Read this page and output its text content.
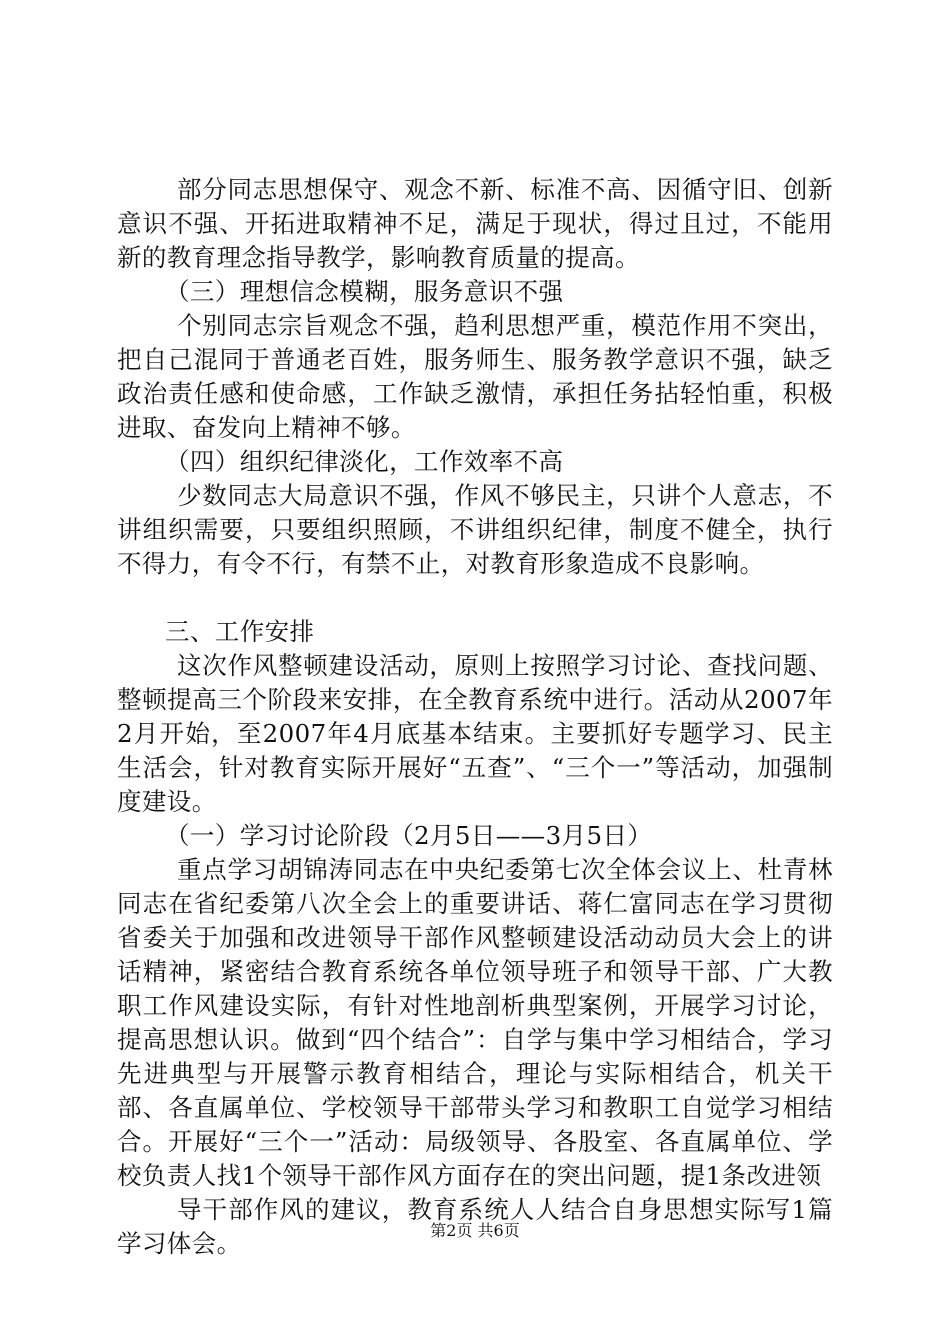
部分同志思想保守、观念不新、标准不高、因循守旧、创新意识不强、开拓进取精神不足，满足于现状，得过且过，不能用新的教育理念指导教学，影响教育质量的提高。

（三）理想信念模糊，服务意识不强

个别同志宗旨观念不强，趋利思想严重，模范作用不突出，把自己混同于普通老百姓，服务师生、服务教学意识不强，缺乏政治责任感和使命感，工作缺乏激情，承担任务拈轻怕重，积极进取、奋发向上精神不够。

（四）组织纪律淡化，工作效率不高

少数同志大局意识不强，作风不够民主，只讲个人意志，不讲组织需要，只要组织照顾，不讲组织纪律，制度不健全，执行不得力，有令不行，有禁不止，对教育形象造成不良影响。

三、工作安排

这次作风整顿建设活动，原则上按照学习讨论、查找问题、整顿提高三个阶段来安排，在全教育系统中进行。活动从2007年2月开始，至2007年4月底基本结束。主要抓好专题学习、民主生活会，针对教育实际开展好“五查”、“三个一”等活动，加强制度建设。

（一）学习讨论阶段（2月5日——3月5日）

重点学习胡锦涛同志在中央纪委第七次全体会议上、杜青林同志在省纪委第八次全会上的重要讲话、蒋仁富同志在学习贯彻省委关于加强和改进领导干部作风整顿建设活动动员大会上的讲话精神，紧密结合教育系统各单位领导班子和领导干部、广大教职工作风建设实际，有针对性地剖析典型案例，开展学习讨论，提高思想认识。做到“四个结合”：自学与集中学习相结合，学习先进典型与开展警示教育相结合，理论与实际相结合，机关干部、各直属单位、学校领导干部带头学习和教职工自觉学习相结合。开展好“三个一”活动：局级领导、各股室、各直属单位、学校负责人找1个领导干部作风方面存在的突出问题，提1条改进领

导干部作风的建议，教育系统人人结合自身思想实际写1篇学习体会。	第2页 共6页
